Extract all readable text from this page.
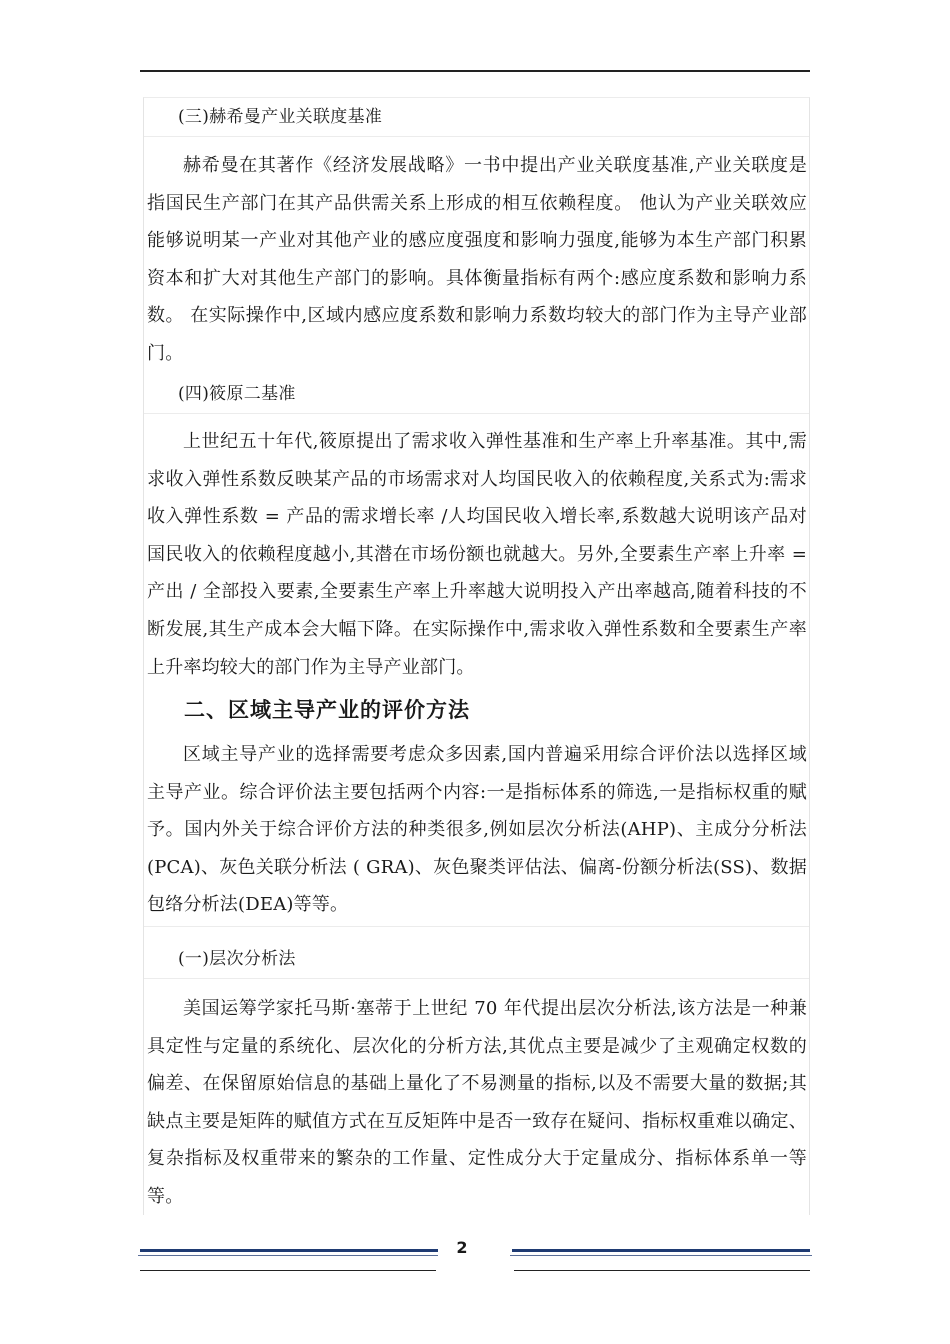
(三)赫希曼产业关联度基准
赫希曼在其著作《经济发展战略》一书中提出产业关联度基准,产业关联度是指国民生产部门在其产品供需关系上形成的相互依赖程度。 他认为产业关联效应能够说明某一产业对其他产业的感应度强度和影响力强度,能够为本生产部门积累资本和扩大对其他生产部门的影响。具体衡量指标有两个:感应度系数和影响力系数。 在实际操作中,区域内感应度系数和影响力系数均较大的部门作为主导产业部门。
(四)筱原二基准
上世纪五十年代,筱原提出了需求收入弹性基准和生产率上升率基准。其中,需求收入弹性系数反映某产品的市场需求对人均国民收入的依赖程度,关系式为:需求收入弹性系数 = 产品的需求增长率 /人均国民收入增长率,系数越大说明该产品对国民收入的依赖程度越小,其潜在市场份额也就越大。另外,全要素生产率上升率 = 产出 / 全部投入要素,全要素生产率上升率越大说明投入产出率越高,随着科技的不断发展,其生产成本会大幅下降。在实际操作中,需求收入弹性系数和全要素生产率上升率均较大的部门作为主导产业部门。
二、区域主导产业的评价方法
区域主导产业的选择需要考虑众多因素,国内普遍采用综合评价法以选择区域主导产业。综合评价法主要包括两个内容:一是指标体系的筛选,一是指标权重的赋予。国内外关于综合评价方法的种类很多,例如层次分析法(AHP)、主成分分析法(PCA)、灰色关联分析法 ( GRA)、灰色聚类评估法、偏离-份额分析法(SS)、数据包络分析法(DEA)等等。
(一)层次分析法
美国运筹学家托马斯·塞蒂于上世纪 70 年代提出层次分析法,该方法是一种兼具定性与定量的系统化、层次化的分析方法,其优点主要是减少了主观确定权数的偏差、在保留原始信息的基础上量化了不易测量的指标,以及不需要大量的数据;其缺点主要是矩阵的赋值方式在互反矩阵中是否一致存在疑问、指标权重难以确定、复杂指标及权重带来的繁杂的工作量、定性成分大于定量成分、指标体系单一等等。
2
